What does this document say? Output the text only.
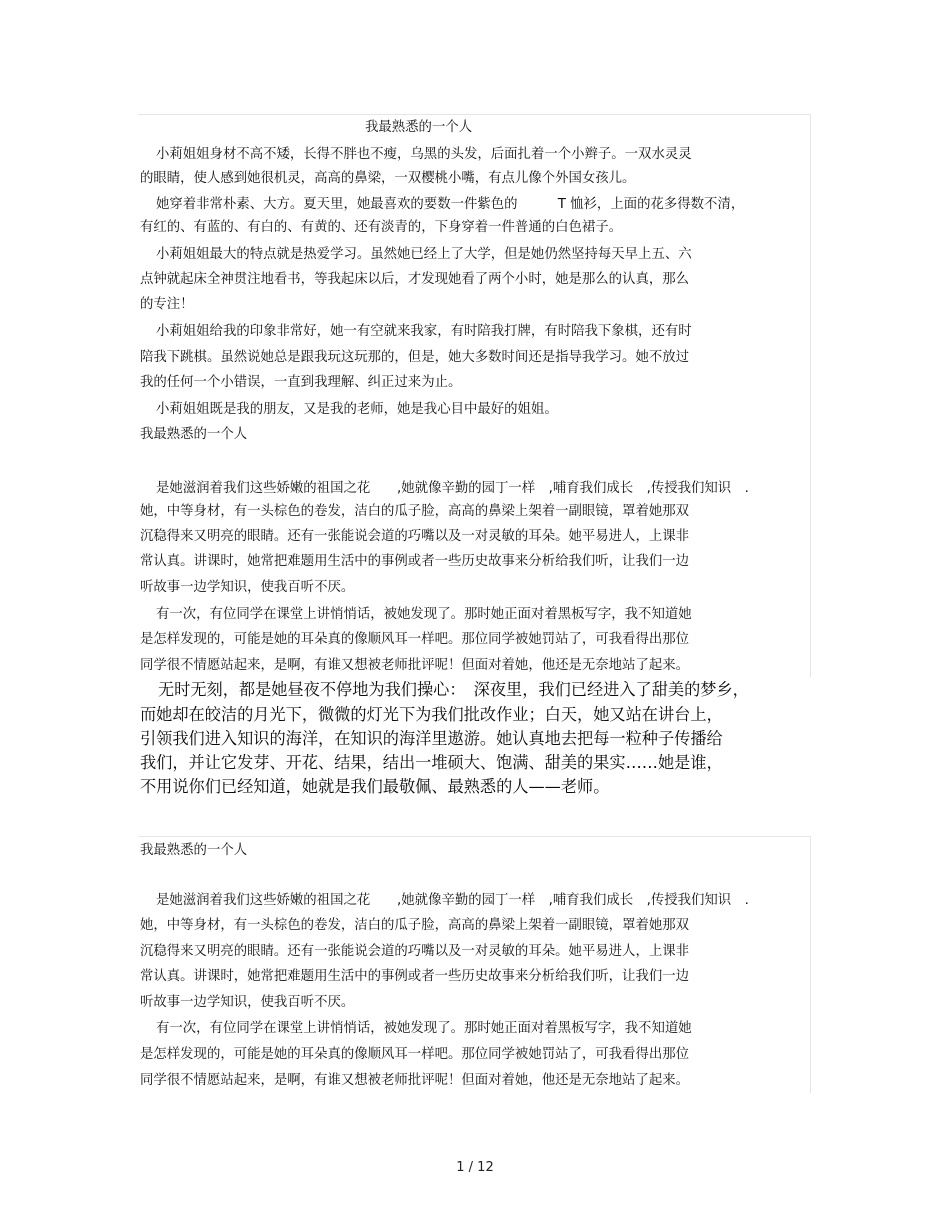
我最熟悉的一个人
小莉姐姐身材不高不矮，长得不胖也不瘦，乌黑的头发，后面扎着一个小辫子。一双水灵灵
的眼睛，使人感到她很机灵，高高的鼻梁，一双樱桃小嘴，有点儿像个外国女孩儿。
她穿着非常朴素、大方。夏天里，她最喜欢的要数一件紫色的　　　T 恤衫，上面的花多得数不清，
有红的、有蓝的、有白的、有黄的、还有淡青的，下身穿着一件普通的白色裙子。
小莉姐姐最大的特点就是热爱学习。虽然她已经上了大学，但是她仍然坚持每天早上五、六
点钟就起床全神贯注地看书，等我起床以后，才发现她看了两个小时，她是那么的认真，那么
的专注！
小莉姐姐给我的印象非常好，她一有空就来我家，有时陪我打牌，有时陪我下象棋，还有时
陪我下跳棋。虽然说她总是跟我玩这玩那的，但是，她大多数时间还是指导我学习。她不放过
我的任何一个小错误，一直到我理解、纠正过来为止。
小莉姐姐既是我的朋友，又是我的老师，她是我心目中最好的姐姐。
我最熟悉的一个人
是她滋润着我们这些娇嫩的祖国之花　　,她就像辛勤的园丁一样　,哺育我们成长　,传授我们知识　.
她，中等身材，有一头棕色的卷发，洁白的瓜子脸，高高的鼻梁上架着一副眼镜，罩着她那双
沉稳得来又明亮的眼睛。还有一张能说会道的巧嘴以及一对灵敏的耳朵。她平易进人，上课非
常认真。讲课时，她常把难题用生活中的事例或者一些历史故事来分析给我们听，让我们一边
听故事一边学知识，使我百听不厌。
有一次，有位同学在课堂上讲悄悄话，被她发现了。那时她正面对着黑板写字，我不知道她
是怎样发现的，可能是她的耳朵真的像顺风耳一样吧。那位同学被她罚站了，可我看得出那位
同学很不情愿站起来，是啊，有谁又想被老师批评呢！但面对着她，他还是无奈地站了起来。
无时无刻，都是她昼夜不停地为我们操心：　深夜里，我们已经进入了甜美的梦乡，
而她却在皎洁的月光下，微微的灯光下为我们批改作业；白天，她又站在讲台上，
引领我们进入知识的海洋，在知识的海洋里遨游。她认真地去把每一粒种子传播给
我们，并让它发芽、开花、结果，结出一堆硕大、饱满、甜美的果实……她是谁，
不用说你们已经知道，她就是我们最敬佩、最熟悉的人——老师。
我最熟悉的一个人
是她滋润着我们这些娇嫩的祖国之花　　,她就像辛勤的园丁一样　,哺育我们成长　,传授我们知识　.
她，中等身材，有一头棕色的卷发，洁白的瓜子脸，高高的鼻梁上架着一副眼镜，罩着她那双
沉稳得来又明亮的眼睛。还有一张能说会道的巧嘴以及一对灵敏的耳朵。她平易进人，上课非
常认真。讲课时，她常把难题用生活中的事例或者一些历史故事来分析给我们听，让我们一边
听故事一边学知识，使我百听不厌。
有一次，有位同学在课堂上讲悄悄话，被她发现了。那时她正面对着黑板写字，我不知道她
是怎样发现的，可能是她的耳朵真的像顺风耳一样吧。那位同学被她罚站了，可我看得出那位
同学很不情愿站起来，是啊，有谁又想被老师批评呢！但面对着她，他还是无奈地站了起来。
1 / 12
